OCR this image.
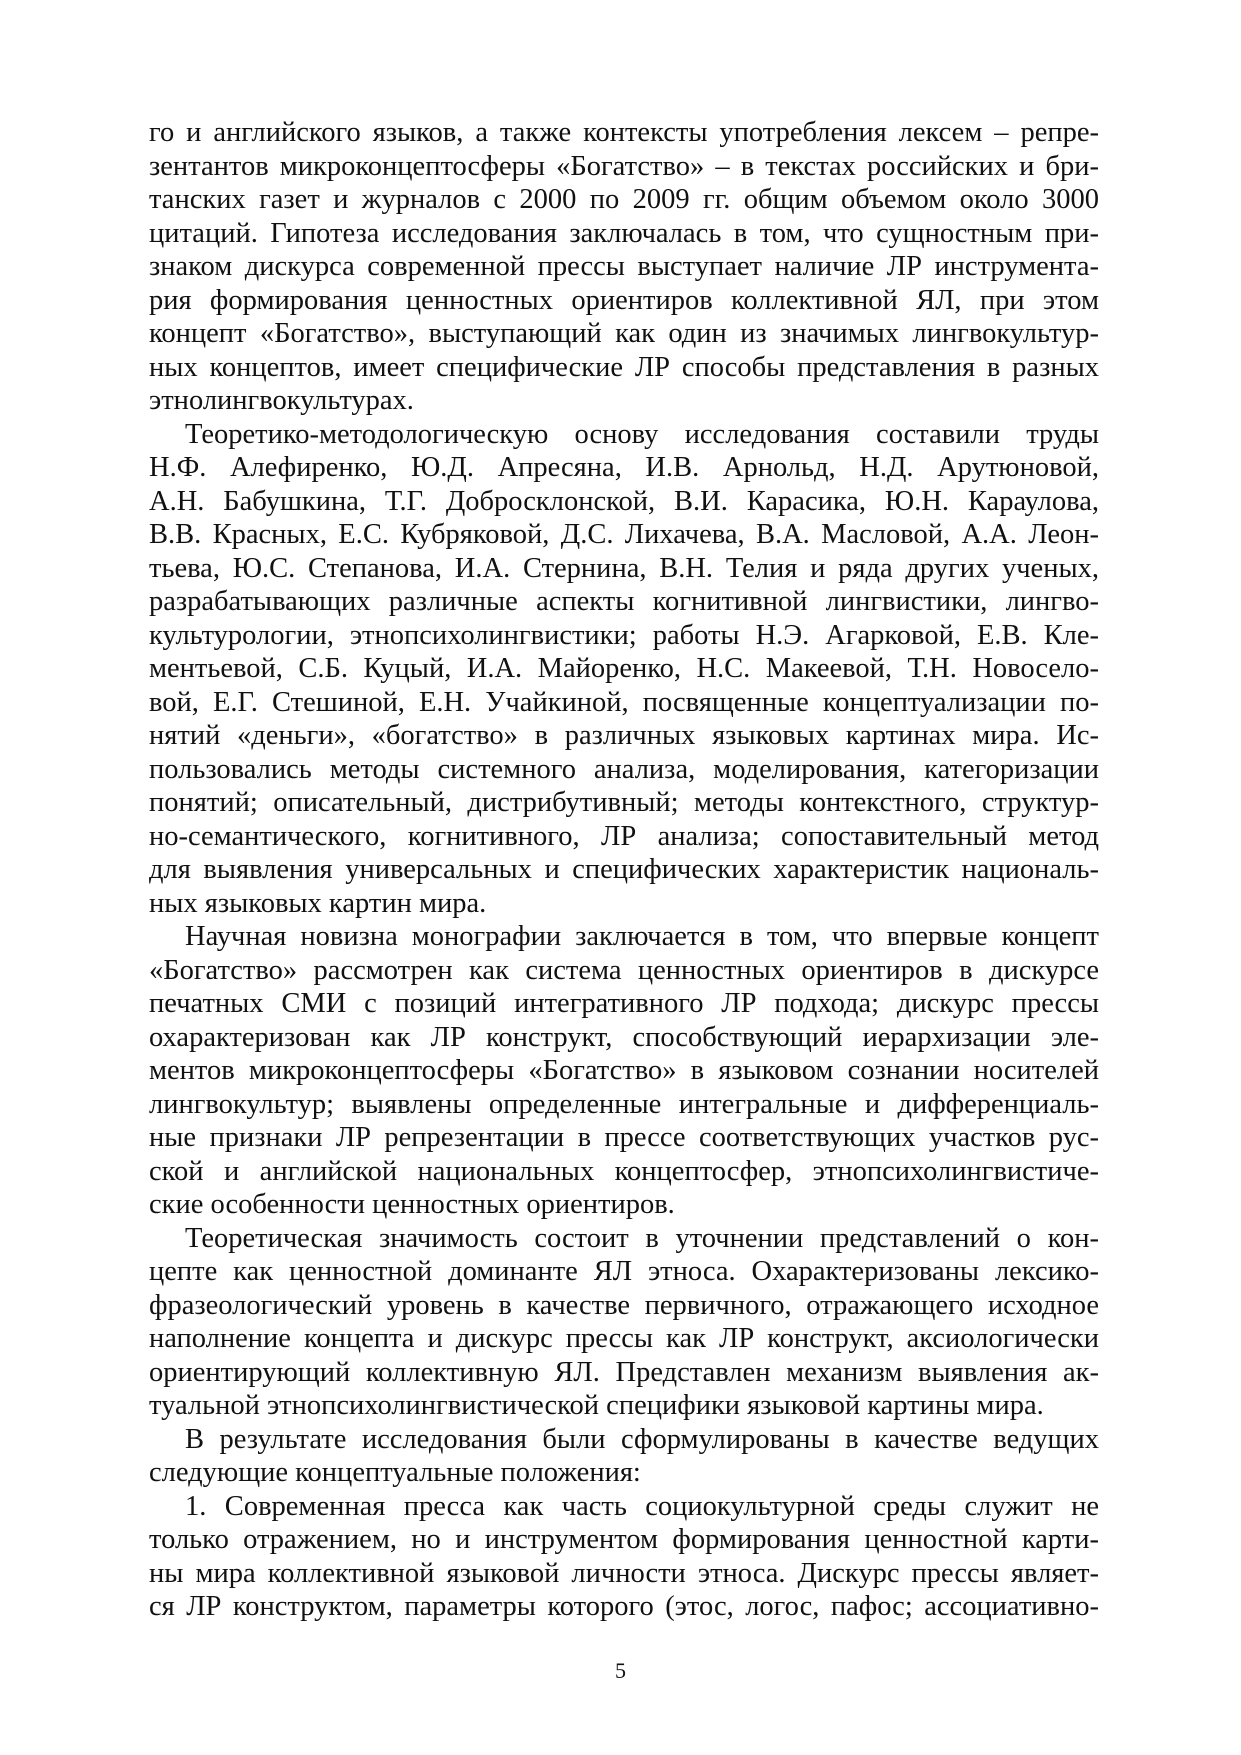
го и английского языков, а также контексты употребления лексем – репре-
зентантов микроконцептосферы «Богатство» – в текстах российских и бри-
танских газет и журналов с 2000 по 2009 гг. общим объемом около 3000
цитаций. Гипотеза исследования заключалась в том, что сущностным при-
знаком дискурса современной прессы выступает наличие ЛР инструмента-
рия формирования ценностных ориентиров коллективной ЯЛ, при этом
концепт «Богатство», выступающий как один из значимых лингвокультур-
ных концептов, имеет специфические ЛР способы представления в разных
этнолингвокультурах.
Теоретико-методологическую основу исследования составили труды
Н.Ф. Алефиренко, Ю.Д. Апресяна, И.В. Арнольд, Н.Д. Арутюновой,
А.Н. Бабушкина, Т.Г. Добросклонской, В.И. Карасика, Ю.Н. Караулова,
В.В. Красных, Е.С. Кубряковой, Д.С. Лихачева, В.А. Масловой, А.А. Леон-
тьева, Ю.С. Степанова, И.А. Стернина, В.Н. Телия и ряда других ученых,
разрабатывающих различные аспекты когнитивной лингвистики, лингво-
культурологии, этнопсихолингвистики; работы Н.Э. Агарковой, Е.В. Кле-
ментьевой, С.Б. Куцый, И.А. Майоренко, Н.С. Макеевой, Т.Н. Новоселo-
вой, Е.Г. Стешиной, Е.Н. Учайкиной, посвященные концептуализации по-
нятий «деньги», «богатство» в различных языковых картинах мира. Ис-
пользовались методы системного анализа, моделирования, категоризации
понятий; описательный, дистрибутивный; методы контекстного, структур-
но-семантического, когнитивного, ЛР анализа; сопоставительный метод
для выявления универсальных и специфических характеристик националь-
ных языковых картин мира.
Научная новизна монографии заключается в том, что впервые концепт
«Богатство» рассмотрен как система ценностных ориентиров в дискурсе
печатных СМИ с позиций интегративного ЛР подхода; дискурс прессы
охарактеризован как ЛР конструкт, способствующий иерархизации эле-
ментов микроконцептосферы «Богатство» в языковом сознании носителей
лингвокультур; выявлены определенные интегральные и дифференциаль-
ные признаки ЛР репрезентации в прессе соответствующих участков рус-
ской и английской национальных концептосфер, этнопсихолингвистиче-
ские особенности ценностных ориентиров.
Теоретическая значимость состоит в уточнении представлений о кон-
цепте как ценностной доминанте ЯЛ этноса. Охарактеризованы лексико-
фразеологический уровень в качестве первичного, отражающего исходное
наполнение концепта и дискурс прессы как ЛР конструкт, аксиологически
ориентирующий коллективную ЯЛ. Представлен механизм выявления ак-
туальной этнопсихолингвистической специфики языковой картины мира.
В результате исследования были сформулированы в качестве ведущих
следующие концептуальные положения:
1. Современная пресса как часть социокультурной среды служит не
только отражением, но и инструментом формирования ценностной карти-
ны мира коллективной языковой личности этноса. Дискурс прессы являет-
ся ЛР конструктом, параметры которого (этос, логос, пафос; ассоциативно-
5
